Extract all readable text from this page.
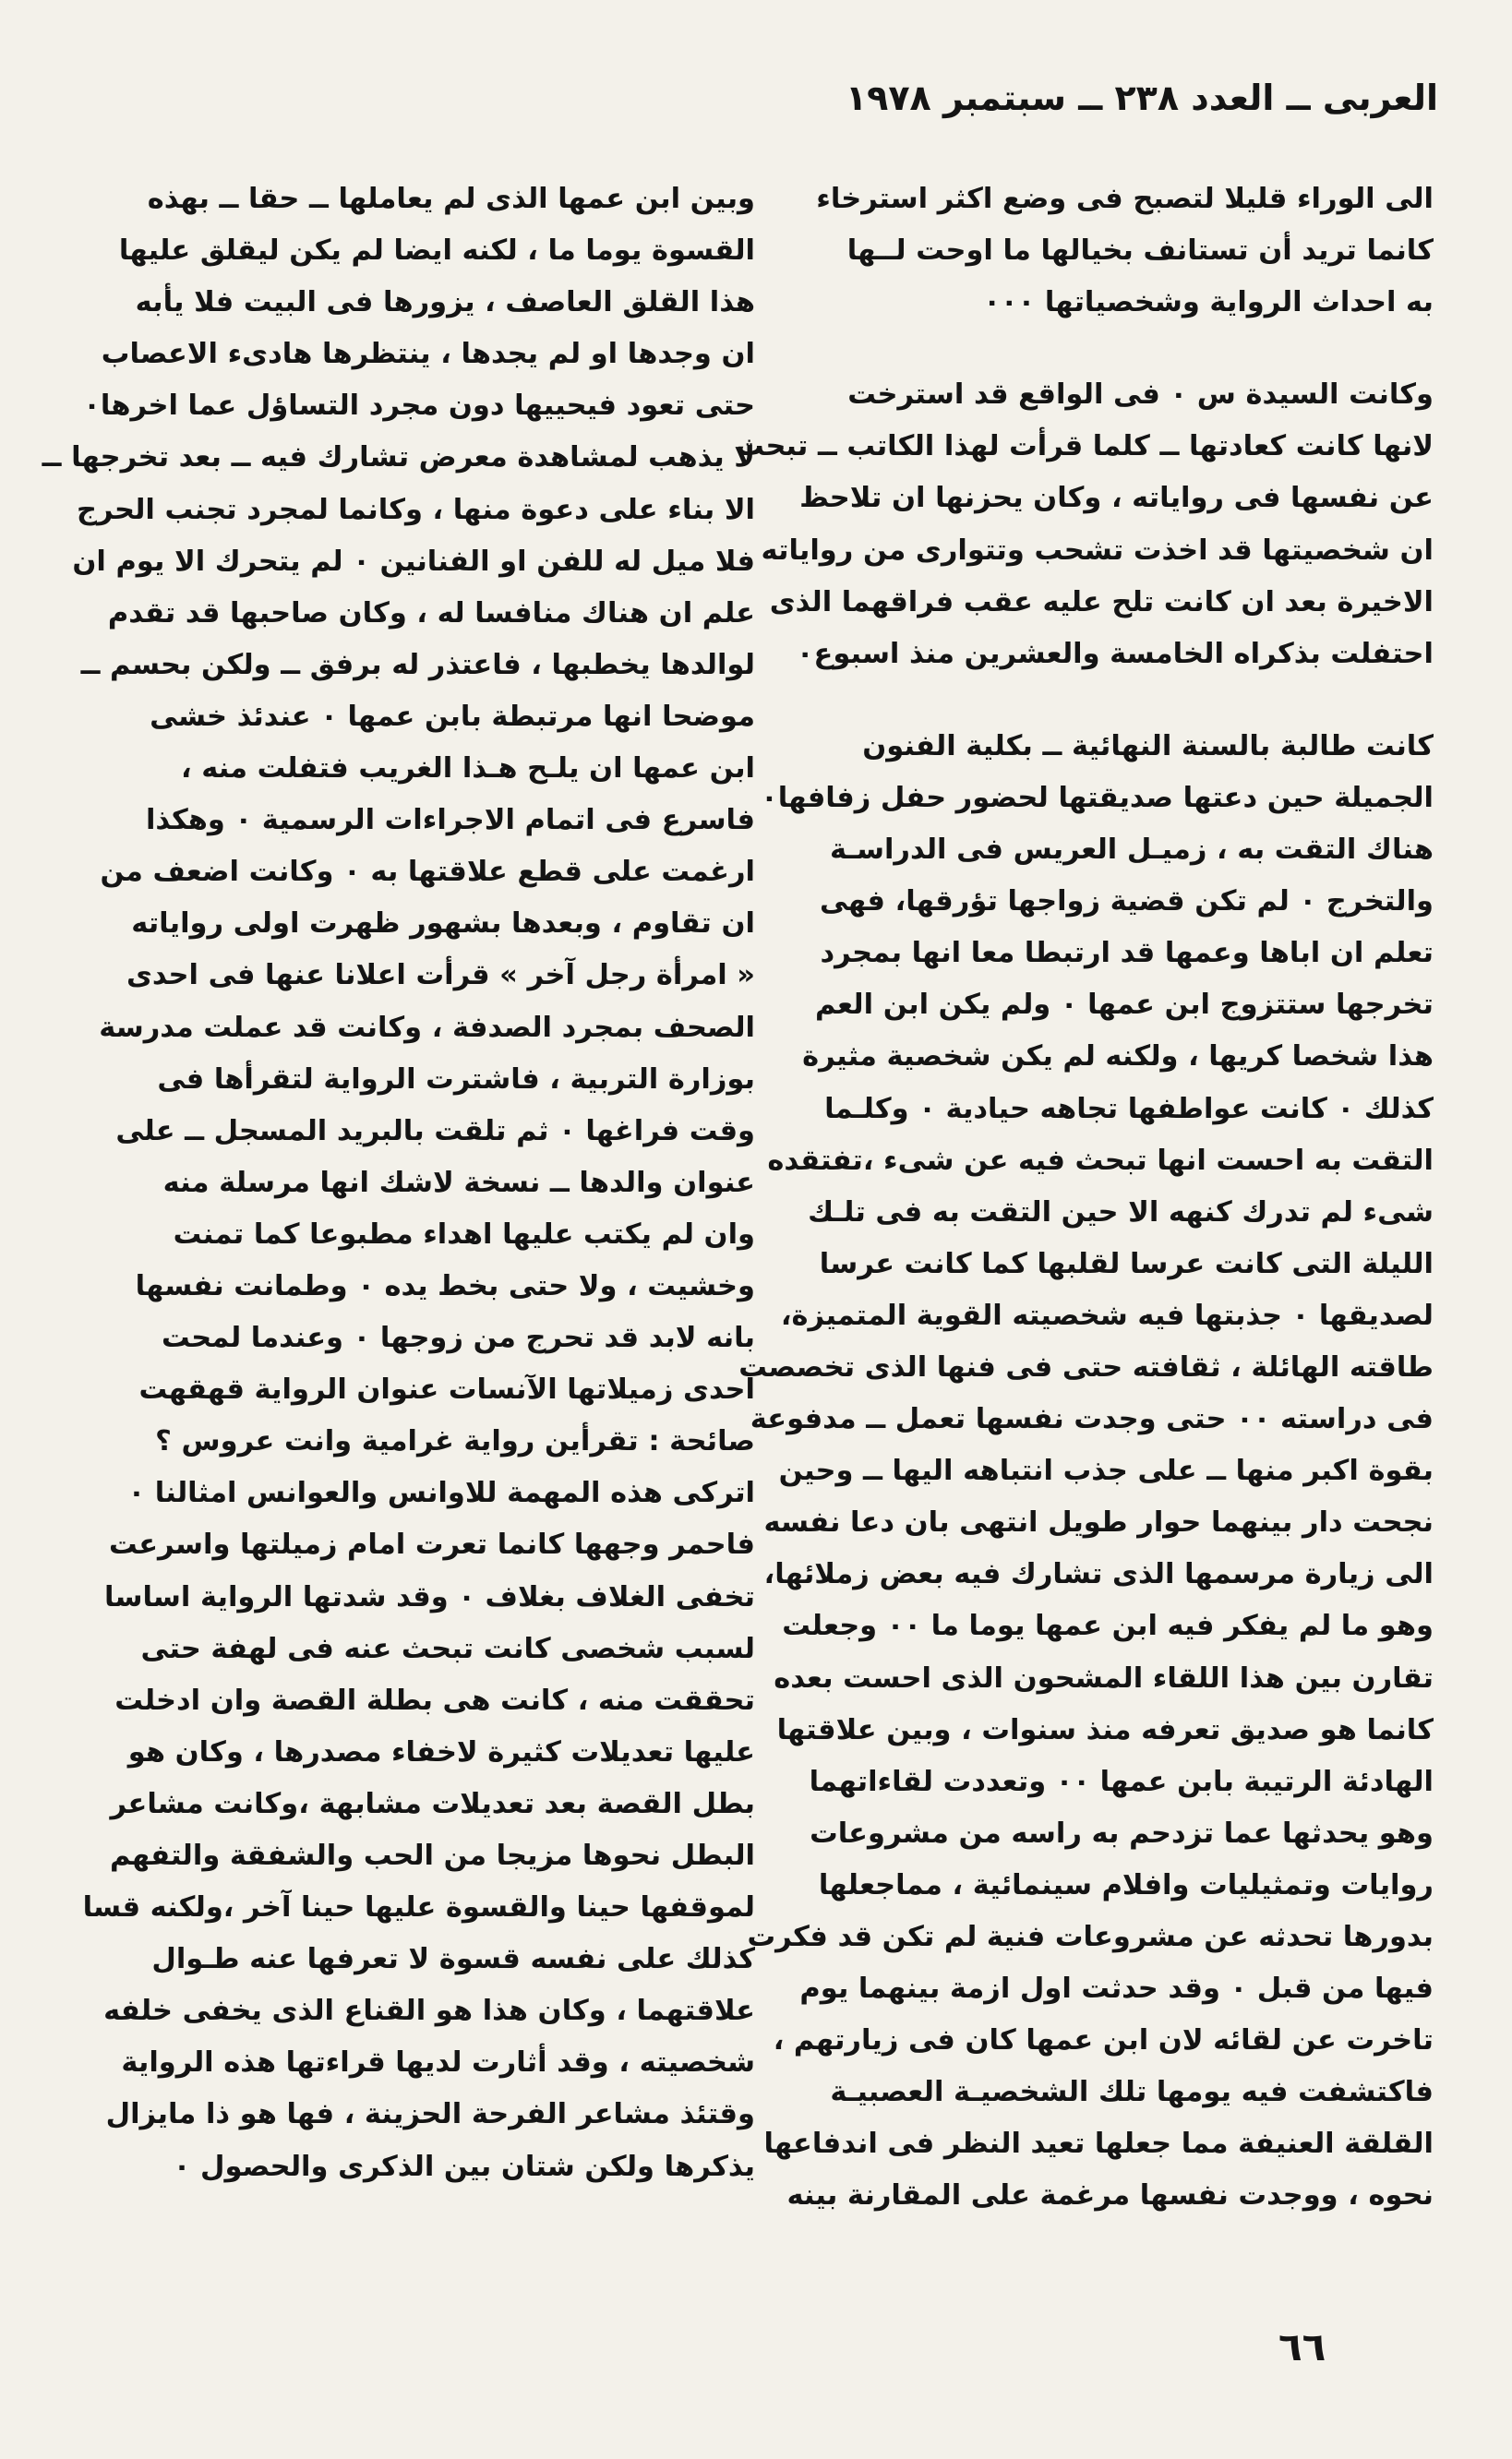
العربى ــ العدد ٢٣٨ ــ سبتمبر ١٩٧٨

الى الوراء قليلا لتصبح فى وضع اكثر استرخاء
كانما تريد أن تستانف بخيالها ما اوحت لــها
به احداث الرواية وشخصياتها ٠٠٠

وكانت السيدة س ٠ فى الواقع قد استرخت
لانها كانت كعادتها ــ كلما قرأت لهذا الكاتب ــ تبحث
عن نفسها فى رواياته ، وكان يحزنها ان تلاحظ
ان شخصيتها قد اخذت تشحب وتتوارى من رواياته
الاخيرة بعد ان كانت تلح عليه عقب فراقهما الذى
احتفلت بذكراه الخامسة والعشرين منذ اسبوع٠

كانت طالبة بالسنة النهائية ــ بكلية الفنون
الجميلة حين دعتها صديقتها لحضور حفل زفافها٠
هناك التقت به ، زميـل العريس فى الدراسـة
والتخرج ٠ لم تكن قضية زواجها تؤرقها، فهى
تعلم ان اباها وعمها قد ارتبطا معا انها بمجرد
تخرجها ستتزوج ابن عمها ٠ ولم يكن ابن العم
هذا شخصا كريها ، ولكنه لم يكن شخصية مثيرة
كذلك ٠ كانت عواطفها تجاهه حيادية ٠ وكلـما
التقت به احست انها تبحث فيه عن شىء ،تفتقده
شىء لم تدرك كنهه الا حين التقت به فى تلـك
الليلة التى كانت عرسا لقلبها كما كانت عرسا
لصديقها ٠ جذبتها فيه شخصيته القوية المتميزة،
طاقته الهائلة ، ثقافته حتى فى فنها الذى تخصصت
فى دراسته ٠٠ حتى وجدت نفسها تعمل ــ مدفوعة
بقوة اكبر منها ــ على جذب انتباهه اليها ــ وحين
نجحت دار بينهما حوار طويل انتهى بان دعا نفسه
الى زيارة مرسمها الذى تشارك فيه بعض زملائها،
وهو ما لم يفكر فيه ابن عمها يوما ما ٠٠ وجعلت
تقارن بين هذا اللقاء المشحون الذى احست بعده
كانما هو صديق تعرفه منذ سنوات ، وبين علاقتها
الهادئة الرتيبة بابن عمها ٠٠ وتعددت لقاءاتهما
وهو يحدثها عما تزدحم به راسه من مشروعات
روايات وتمثيليات وافلام سينمائية ، مماجعلها
بدورها تحدثه عن مشروعات فنية لم تكن قد فكرت
فيها من قبل ٠ وقد حدثت اول ازمة بينهما يوم
تاخرت عن لقائه لان ابن عمها كان فى زيارتهم ،
فاكتشفت فيه يومها تلك الشخصيـة العصبيـة
القلقة العنيفة مما جعلها تعيد النظر فى اندفاعها
نحوه ، ووجدت نفسها مرغمة على المقارنة بينه

وبين ابن عمها الذى لم يعاملها ــ حقا ــ بهذه
القسوة يوما ما ، لكنه ايضا لم يكن ليقلق عليها
هذا القلق العاصف ، يزورها فى البيت فلا يأبه
ان وجدها او لم يجدها ، ينتظرها هادىء الاعصاب
حتى تعود فيحييها دون مجرد التساؤل عما اخرها٠
لا يذهب لمشاهدة معرض تشارك فيه ــ بعد تخرجها ــ
الا بناء على دعوة منها ، وكانما لمجرد تجنب الحرج
فلا ميل له للفن او الفنانين ٠ لم يتحرك الا يوم ان
علم ان هناك منافسا له ، وكان صاحبها قد تقدم
لوالدها يخطبها ، فاعتذر له برفق ــ ولكن بحسم ــ
موضحا انها مرتبطة بابن عمها ٠ عندئذ خشى
ابن عمها ان يلـح هـذا الغريب فتفلت منه ،
فاسرع فى اتمام الاجراءات الرسمية ٠ وهكذا
ارغمت على قطع علاقتها به ٠ وكانت اضعف من
ان تقاوم ، وبعدها بشهور ظهرت اولى رواياته
« امرأة رجل آخر » قرأت اعلانا عنها فى احدى
الصحف بمجرد الصدفة ، وكانت قد عملت مدرسة
بوزارة التربية ، فاشترت الرواية لتقرأها فى
وقت فراغها ٠ ثم تلقت بالبريد المسجل ــ على
عنوان والدها ــ نسخة لاشك انها مرسلة منه
وان لم يكتب عليها اهداء مطبوعا كما تمنت
وخشيت ، ولا حتى بخط يده ٠ وطمانت نفسها
بانه لابد قد تحرج من زوجها ٠ وعندما لمحت
احدى زميلاتها الآنسات عنوان الرواية قهقهت
صائحة : تقرأين رواية غرامية وانت عروس ؟
اتركى هذه المهمة للاوانس والعوانس امثالنا ٠
فاحمر وجهها كانما تعرت امام زميلتها واسرعت
تخفى الغلاف بغلاف ٠ وقد شدتها الرواية اساسا
لسبب شخصى كانت تبحث عنه فى لهفة حتى
تحققت منه ، كانت هى بطلة القصة وان ادخلت
عليها تعديلات كثيرة لاخفاء مصدرها ، وكان هو
بطل القصة بعد تعديلات مشابهة ،وكانت مشاعر
البطل نحوها مزيجا من الحب والشفقة والتفهم
لموقفها حينا والقسوة عليها حينا آخر ،ولكنه قسا
كذلك على نفسه قسوة لا تعرفها عنه طـوال
علاقتهما ، وكان هذا هو القناع الذى يخفى خلفه
شخصيته ، وقد أثارت لديها قراءتها هذه الرواية
وقتئذ مشاعر الفرحة الحزينة ، فها هو ذا مايزال
يذكرها ولكن شتان بين الذكرى والحصول ٠

٦٦
